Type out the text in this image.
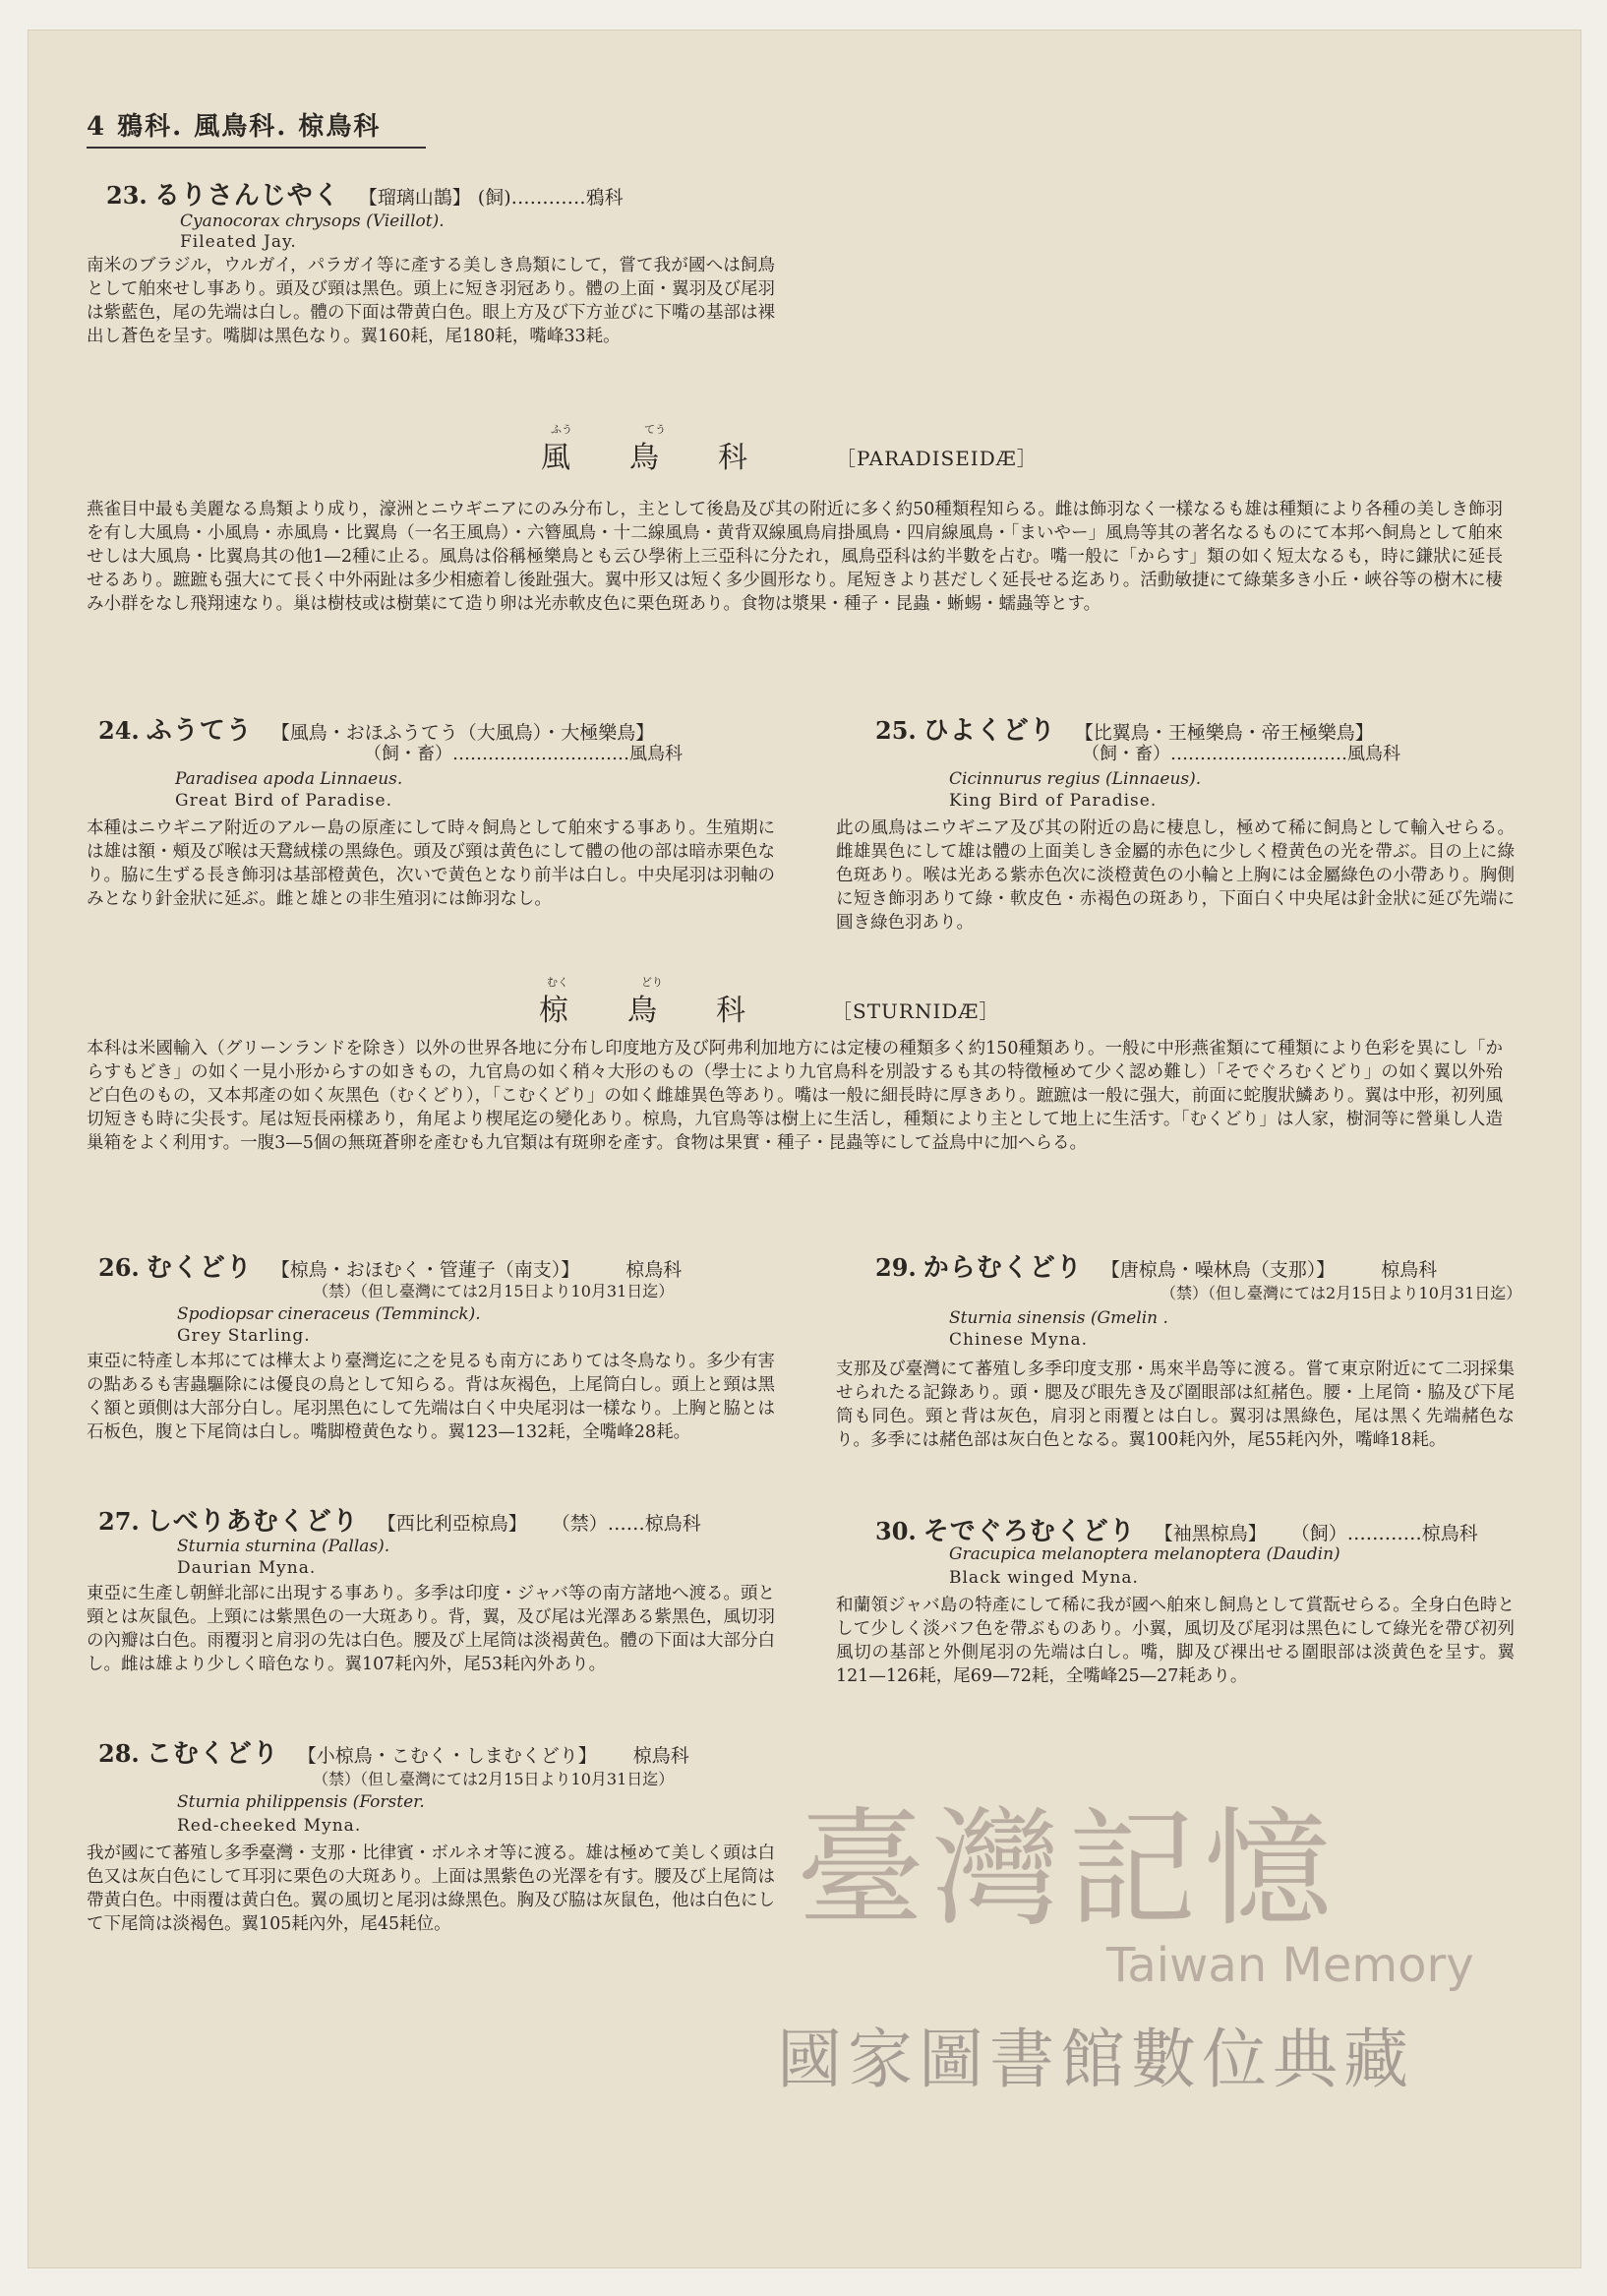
4 鴉科. 風鳥科. 椋鳥科
23. るりさんじやく 【瑠璃山鵲】 (飼)…………鴉科
Cyanocorax chrysops (Vieillot).
Fileated Jay.
南米のブラジル，ウルガイ，パラガイ等に產する美しき鳥類にして，嘗て我が國へは飼鳥として舶來せし事あり。頭及び頸は黑色。頭上に短き羽冠あり。體の上面・翼羽及び尾羽は紫藍色，尾の先端は白し。體の下面は帶黄白色。眼上方及び下方並びに下嘴の基部は裸出し蒼色を呈す。嘴脚は黑色なり。翼160耗，尾180耗，嘴峰33耗。
ふう	てう
風鳥科 ［PARADISEIDÆ］
燕雀目中最も美麗なる鳥類より成り，濠洲とニウギニアにのみ分布し，主として後島及び其の附近に多く約50種類程知らる。雌は飾羽なく一樣なるも雄は種類により各種の美しき飾羽を有し大風鳥・小風鳥・赤風鳥・比翼鳥（一名王風鳥）・六簪風鳥・十二線風鳥・黄背双線風鳥肩掛風鳥・四肩線風鳥・「まいやー」風鳥等其の著名なるものにて本邦へ飼鳥として舶來せしは大風鳥・比翼鳥其の他1—2種に止る。風鳥は俗稱極樂鳥とも云ひ學術上三亞科に分たれ，風鳥亞科は約半數を占む。嘴一般に「からす」類の如く短太なるも，時に鎌狀に延長せるあり。蹠蹠も强大にて長く中外兩趾は多少相癒着し後趾强大。翼中形又は短く多少圓形なり。尾短きより甚だしく延長せる迄あり。活動敏捷にて綠葉多き小丘・峽谷等の樹木に棲み小群をなし飛翔速なり。巢は樹枝或は樹葉にて造り卵は光赤軟皮色に栗色斑あり。食物は漿果・種子・昆蟲・蜥蜴・蠕蟲等とす。
24. ふうてう 【風鳥・おほふうてう（大風鳥）・大極樂鳥】
（飼・畜）…………………………風鳥科
Paradisea apoda Linnaeus.
Great Bird of Paradise.
本種はニウギニア附近のアルー島の原產にして時々飼鳥として舶來する事あり。生殖期には雄は額・頰及び喉は天鵞絨樣の黑綠色。頭及び頸は黄色にして體の他の部は暗赤栗色なり。脇に生ずる長き飾羽は基部橙黄色，次いで黄色となり前半は白し。中央尾羽は羽軸のみとなり針金狀に延ぶ。雌と雄との非生殖羽には飾羽なし。
25. ひよくどり 【比翼鳥・王極樂鳥・帝王極樂鳥】
（飼・畜）…………………………風鳥科
Cicinnurus regius (Linnaeus).
King Bird of Paradise.
此の風鳥はニウギニア及び其の附近の島に棲息し，極めて稀に飼鳥として輸入せらる。雌雄異色にして雄は體の上面美しき金屬的赤色に少しく橙黄色の光を帶ぶ。目の上に綠色斑あり。喉は光ある紫赤色次に淡橙黄色の小輪と上胸には金屬綠色の小帶あり。胸側に短き飾羽ありて綠・軟皮色・赤褐色の斑あり，下面白く中央尾は針金狀に延び先端に圓き綠色羽あり。
むく	どり
椋鳥科 ［STURNIDÆ］
本科は米國輸入（グリーンランドを除き）以外の世界各地に分布し印度地方及び阿弗利加地方には定棲の種類多く約150種類あり。一般に中形燕雀類にて種類により色彩を異にし「からすもどき」の如く一見小形からすの如きもの，九官鳥の如く稍々大形のもの（學士により九官鳥科を別設するも其の特徵極めて少く認め難し）「そでぐろむくどり」の如く翼以外殆ど白色のもの，又本邦產の如く灰黑色（むくどり），「こむくどり」の如く雌雄異色等あり。嘴は一般に細長時に厚きあり。蹠蹠は一般に强大，前面に蛇腹狀鱗あり。翼は中形，初列風切短きも時に尖長す。尾は短長兩樣あり，角尾より楔尾迄の變化あり。椋鳥，九官鳥等は樹上に生活し，種類により主として地上に生活す。「むくどり」は人家，樹洞等に營巢し人造巢箱をよく利用す。一腹3—5個の無斑蒼卵を產むも九官類は有斑卵を產す。食物は果實・種子・昆蟲等にして益鳥中に加へらる。
26. むくどり 【椋鳥・おほむく・管蓮子（南支）】 椋鳥科
（禁）（但し臺灣にては2月15日より10月31日迄）
Spodiopsar cineraceus (Temminck).
Grey Starling.
東亞に特產し本邦にては樺太より臺灣迄に之を見るも南方にありては冬鳥なり。多少有害の點あるも害蟲驅除には優良の鳥として知らる。背は灰褐色，上尾筒白し。頭上と頸は黑く額と頭側は大部分白し。尾羽黑色にして先端は白く中央尾羽は一樣なり。上胸と脇とは石板色，腹と下尾筒は白し。嘴脚橙黄色なり。翼123—132耗，全嘴峰28耗。
27. しべりあむくどり 【西比利亞椋鳥】 （禁）……椋鳥科
Sturnia sturnina (Pallas).
Daurian Myna.
東亞に生產し朝鮮北部に出現する事あり。多季は印度・ジャバ等の南方諸地へ渡る。頭と頸とは灰鼠色。上頸には紫黑色の一大斑あり。背，翼，及び尾は光澤ある紫黑色，風切羽の內瓣は白色。雨覆羽と肩羽の先は白色。腰及び上尾筒は淡褐黄色。體の下面は大部分白し。雌は雄より少しく暗色なり。翼107耗內外，尾53耗內外あり。
28. こむくどり 【小椋鳥・こむく・しまむくどり】 椋鳥科
（禁）（但し臺灣にては2月15日より10月31日迄）
Sturnia philippensis (Forster.
Red-cheeked Myna.
我が國にて蕃殖し多季臺灣・支那・比律賓・ボルネオ等に渡る。雄は極めて美しく頭は白色又は灰白色にして耳羽に栗色の大斑あり。上面は黑紫色の光澤を有す。腰及び上尾筒は帶黄白色。中雨覆は黄白色。翼の風切と尾羽は綠黑色。胸及び脇は灰鼠色，他は白色にして下尾筒は淡褐色。翼105耗內外，尾45耗位。
29. からむくどり 【唐椋鳥・噪林鳥（支那）】 椋鳥科
（禁）（但し臺灣にては2月15日より10月31日迄）
Sturnia sinensis (Gmelin .
Chinese Myna.
支那及び臺灣にて蕃殖し多季印度支那・馬來半島等に渡る。嘗て東京附近にて二羽採集せられたる記錄あり。頭・腮及び眼先き及び圍眼部は紅赭色。腰・上尾筒・脇及び下尾筒も同色。頸と背は灰色，肩羽と雨覆とは白し。翼羽は黑綠色，尾は黑く先端赭色なり。多季には赭色部は灰白色となる。翼100耗內外，尾55耗內外，嘴峰18耗。
30. そでぐろむくどり 【袖黑椋鳥】 （飼）…………椋鳥科
Gracupica melanoptera melanoptera (Daudin)
Black winged Myna.
和蘭領ジャバ島の特產にして稀に我が國へ舶來し飼鳥として賞翫せらる。全身白色時として少しく淡バフ色を帶ぶものあり。小翼，風切及び尾羽は黑色にして綠光を帶び初列風切の基部と外側尾羽の先端は白し。嘴，脚及び裸出せる圍眼部は淡黄色を呈す。翼121—126耗，尾69—72耗，全嘴峰25—27耗あり。
臺灣記憶
Taiwan Memory
國家圖書館數位典藏
